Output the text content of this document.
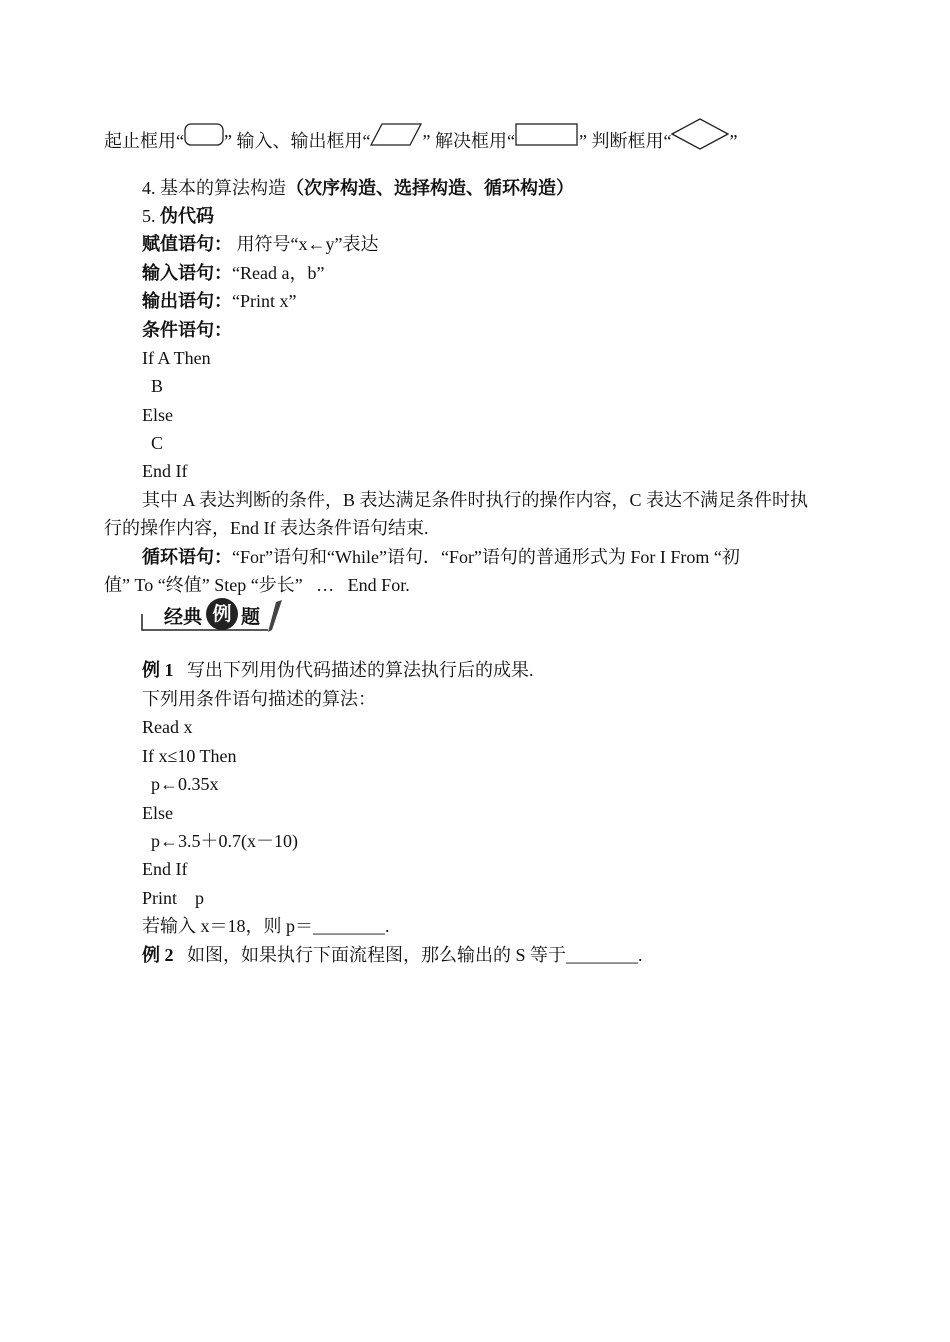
起止框用“ ” 输入、输出框用“	” 解决框用“	” 判断框用“	”
4. 基本的算法构造（次序构造、选择构造、循环构造）
5. 伪代码
赋值语句： 用符号“x←y”表达
输入语句：“Read a，b”
输出语句：“Print x”
条件语句：
If A Then
B
Else
C
End If
其中 A 表达判断的条件，B 表达满足条件时执行的操作内容，C 表达不满足条件时执
行的操作内容，End If 表达条件语句结束.
循环语句：“For”语句和“While”语句．“For”语句的普通形式为 For I From “初
值” To “终值” Step “步长”   …   End For.
经典 例 题
例 1   写出下列用伪代码描述的算法执行后的成果.
下列用条件语句描述的算法：
Read x
If x≤10 Then
p←0.35x
Else
p←3.5＋0.7(x－10)
End If
Print    p
若输入 x＝18，则 p＝________.
例 2   如图，如果执行下面流程图，那么输出的 S 等于________.
